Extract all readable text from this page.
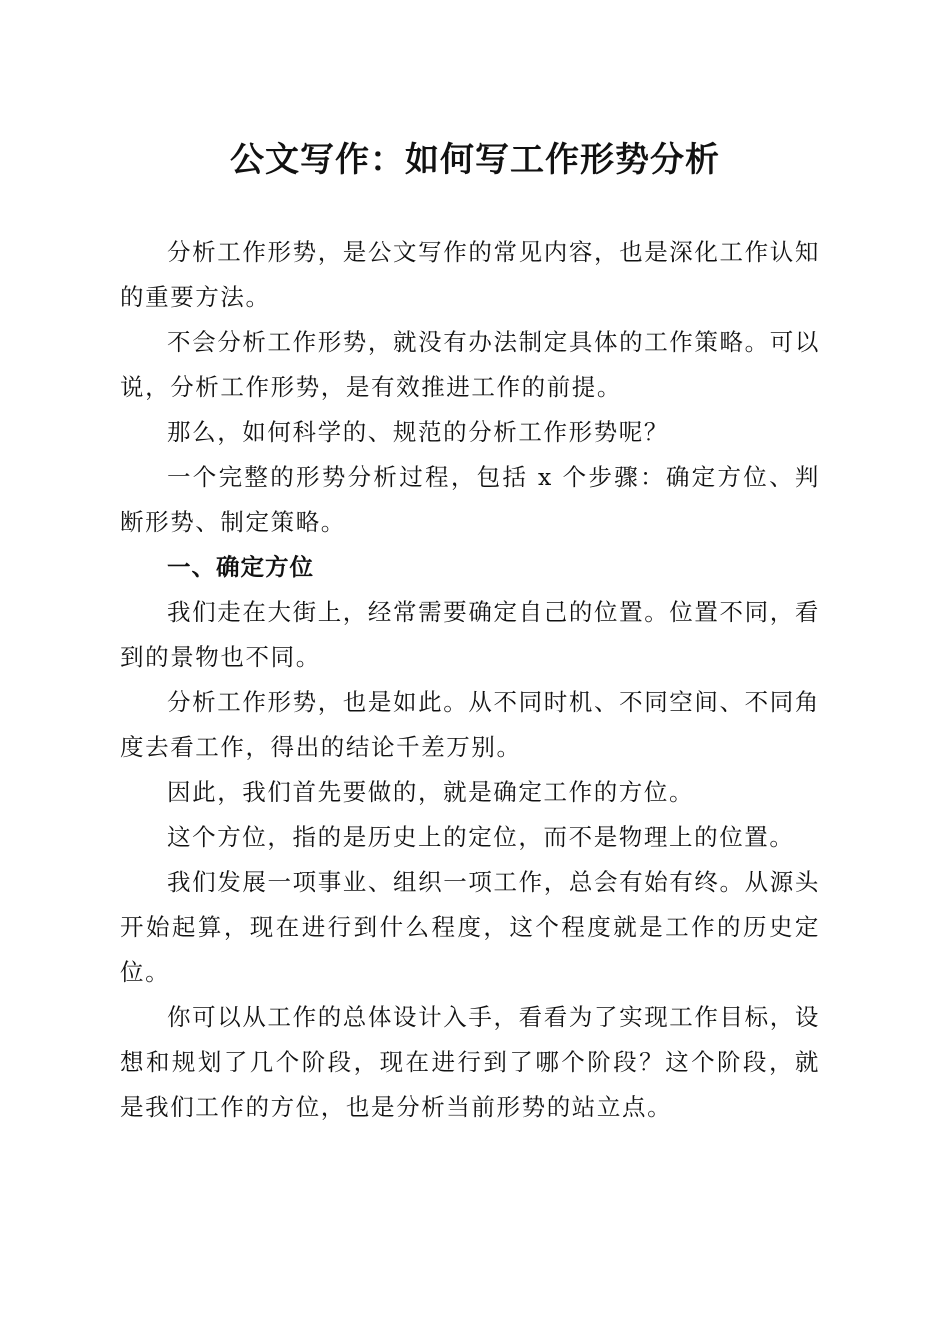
公文写作：如何写工作形势分析

分析工作形势，是公文写作的常见内容，也是深化工作认知的重要方法。

不会分析工作形势，就没有办法制定具体的工作策略。可以说，分析工作形势，是有效推进工作的前提。

那么，如何科学的、规范的分析工作形势呢？

一个完整的形势分析过程，包括 x 个步骤：确定方位、判断形势、制定策略。

一、确定方位

我们走在大街上，经常需要确定自己的位置。位置不同，看到的景物也不同。

分析工作形势，也是如此。从不同时机、不同空间、不同角度去看工作，得出的结论千差万别。

因此，我们首先要做的，就是确定工作的方位。

这个方位，指的是历史上的定位，而不是物理上的位置。

我们发展一项事业、组织一项工作，总会有始有终。从源头开始起算，现在进行到什么程度，这个程度就是工作的历史定位。

你可以从工作的总体设计入手，看看为了实现工作目标，设想和规划了几个阶段，现在进行到了哪个阶段？这个阶段，就是我们工作的方位，也是分析当前形势的站立点。
